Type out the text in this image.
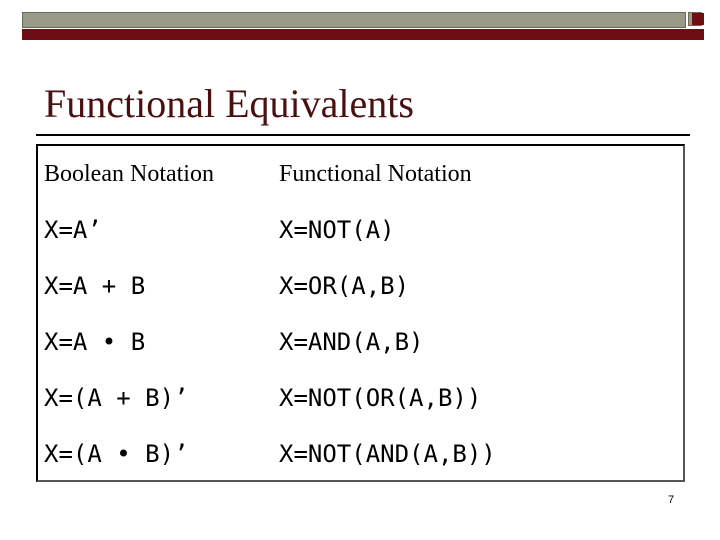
Functional Equivalents
Boolean Notation	Functional Notation
X=A’	X=NOT(A)
X=A + B	X=OR(A,B)
X=A • B	X=AND(A,B)
X=(A + B)’	X=NOT(OR(A,B))
X=(A • B)’	X=NOT(AND(A,B))
7
